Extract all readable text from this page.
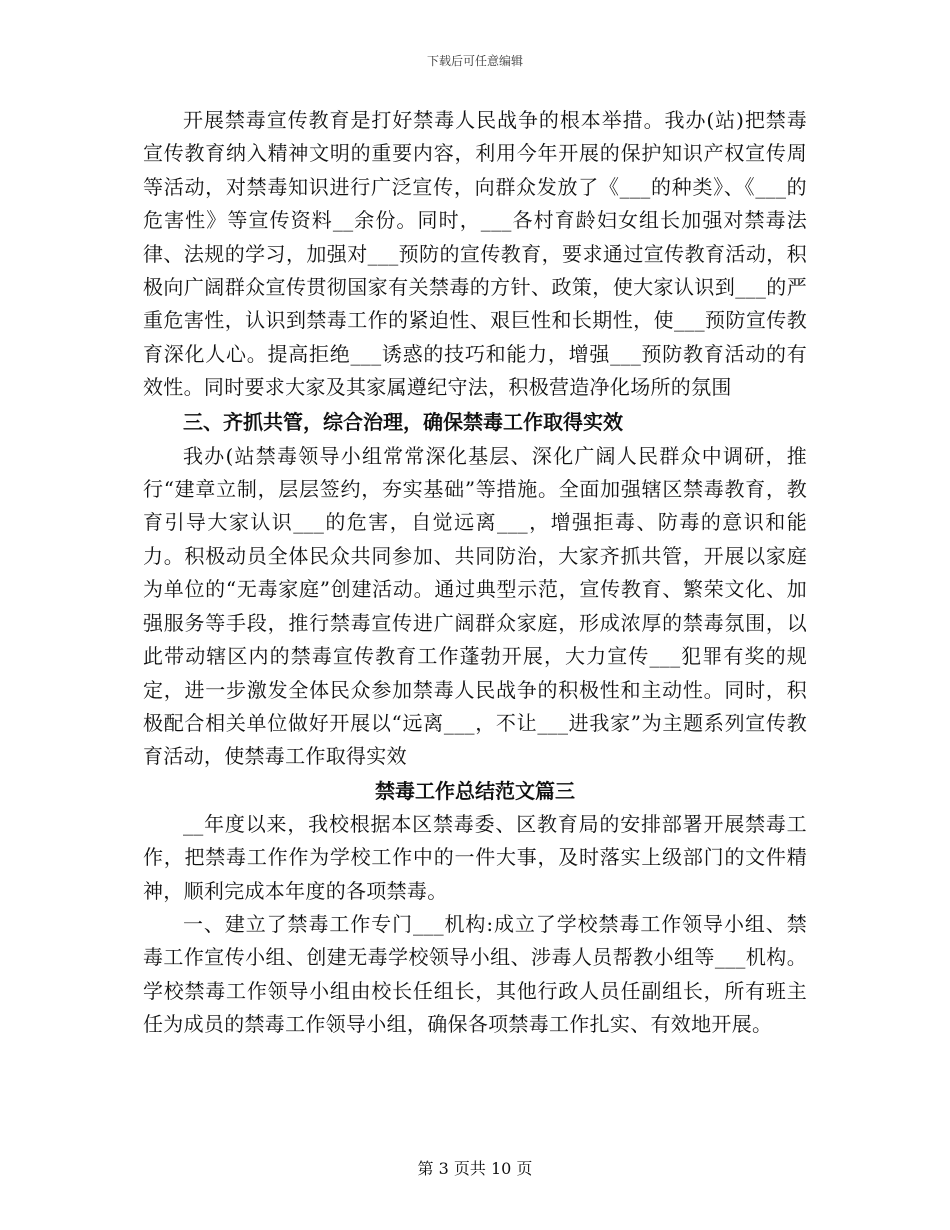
下载后可任意编辑

开展禁毒宣传教育是打好禁毒人民战争的根本举措。我办(站)把禁毒宣传教育纳入精神文明的重要内容，利用今年开展的保护知识产权宣传周等活动，对禁毒知识进行广泛宣传，向群众发放了《___的种类》、《___的危害性》等宣传资料__余份。同时，___各村育龄妇女组长加强对禁毒法律、法规的学习，加强对___预防的宣传教育，要求通过宣传教育活动，积极向广阔群众宣传贯彻国家有关禁毒的方针、政策，使大家认识到___的严重危害性，认识到禁毒工作的紧迫性、艰巨性和长期性，使___预防宣传教育深化人心。提高拒绝___诱惑的技巧和能力，增强___预防教育活动的有效性。同时要求大家及其家属遵纪守法，积极营造净化场所的氛围

三、齐抓共管，综合治理，确保禁毒工作取得实效

我办(站禁毒领导小组常常深化基层、深化广阔人民群众中调研，推行“建章立制，层层签约，夯实基础”等措施。全面加强辖区禁毒教育，教育引导大家认识___的危害，自觉远离___，增强拒毒、防毒的意识和能力。积极动员全体民众共同参加、共同防治，大家齐抓共管，开展以家庭为单位的“无毒家庭”创建活动。通过典型示范，宣传教育、繁荣文化、加强服务等手段，推行禁毒宣传进广阔群众家庭，形成浓厚的禁毒氛围，以此带动辖区内的禁毒宣传教育工作蓬勃开展，大力宣传___犯罪有奖的规定，进一步激发全体民众参加禁毒人民战争的积极性和主动性。同时，积极配合相关单位做好开展以“远离___，不让___进我家”为主题系列宣传教育活动，使禁毒工作取得实效

禁毒工作总结范文篇三

__年度以来，我校根据本区禁毒委、区教育局的安排部署开展禁毒工作，把禁毒工作作为学校工作中的一件大事，及时落实上级部门的文件精神，顺利完成本年度的各项禁毒。

一、建立了禁毒工作专门___机构:成立了学校禁毒工作领导小组、禁毒工作宣传小组、创建无毒学校领导小组、涉毒人员帮教小组等___机构。学校禁毒工作领导小组由校长任组长，其他行政人员任副组长，所有班主任为成员的禁毒工作领导小组，确保各项禁毒工作扎实、有效地开展。

第 3 页共 10 页
